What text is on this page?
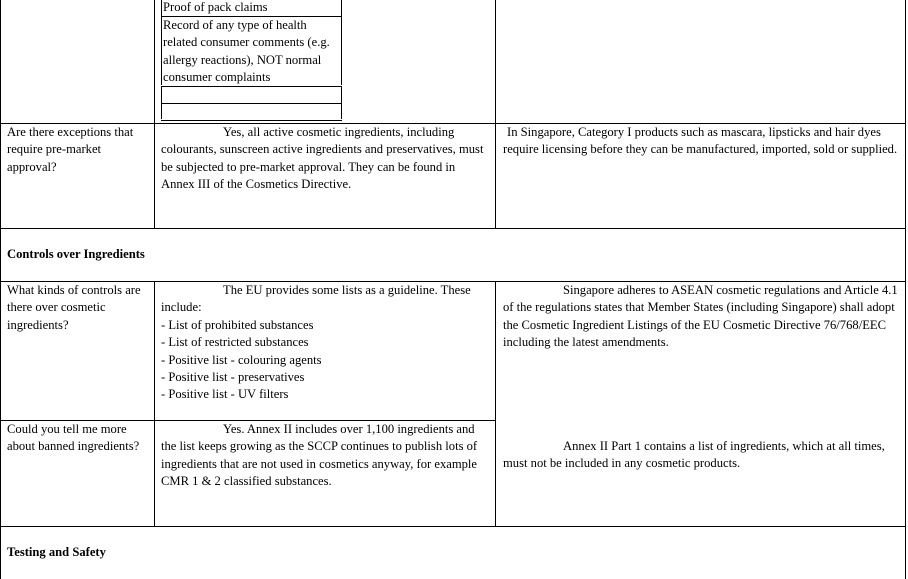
Proof of pack claims
Record of any type of health related consumer comments (e.g. allergy reactions), NOT normal consumer complaints

Are there exceptions that require pre-market approval?

Yes, all active cosmetic ingredients, including colourants, sunscreen active ingredients and preservatives, must be subjected to pre-market approval. They can be found in Annex III of the Cosmetics Directive.

In Singapore, Category I products such as mascara, lipsticks and hair dyes require licensing before they can be manufactured, imported, sold or supplied.

Controls over Ingredients

What kinds of controls are there over cosmetic ingredients?

The EU provides some lists as a guideline. These include:

- List of prohibited substances

- List of restricted substances

- Positive list - colouring agents

- Positive list - preservatives

- Positive list - UV filters

Singapore adheres to ASEAN cosmetic regulations and Article 4.1 of the regulations states that Member States (including Singapore) shall adopt the Cosmetic Ingredient Listings of the EU Cosmetic Directive 76/768/EEC including the latest amendments.

Could you tell me more about banned ingredients?

Yes. Annex II includes over 1,100 ingredients and the list keeps growing as the SCCP continues to publish lots of ingredients that are not used in cosmetics anyway, for example CMR 1 & 2 classified substances.

Annex II Part 1 contains a list of ingredients, which at all times, must not be included in any cosmetic products.

Testing and Safety
